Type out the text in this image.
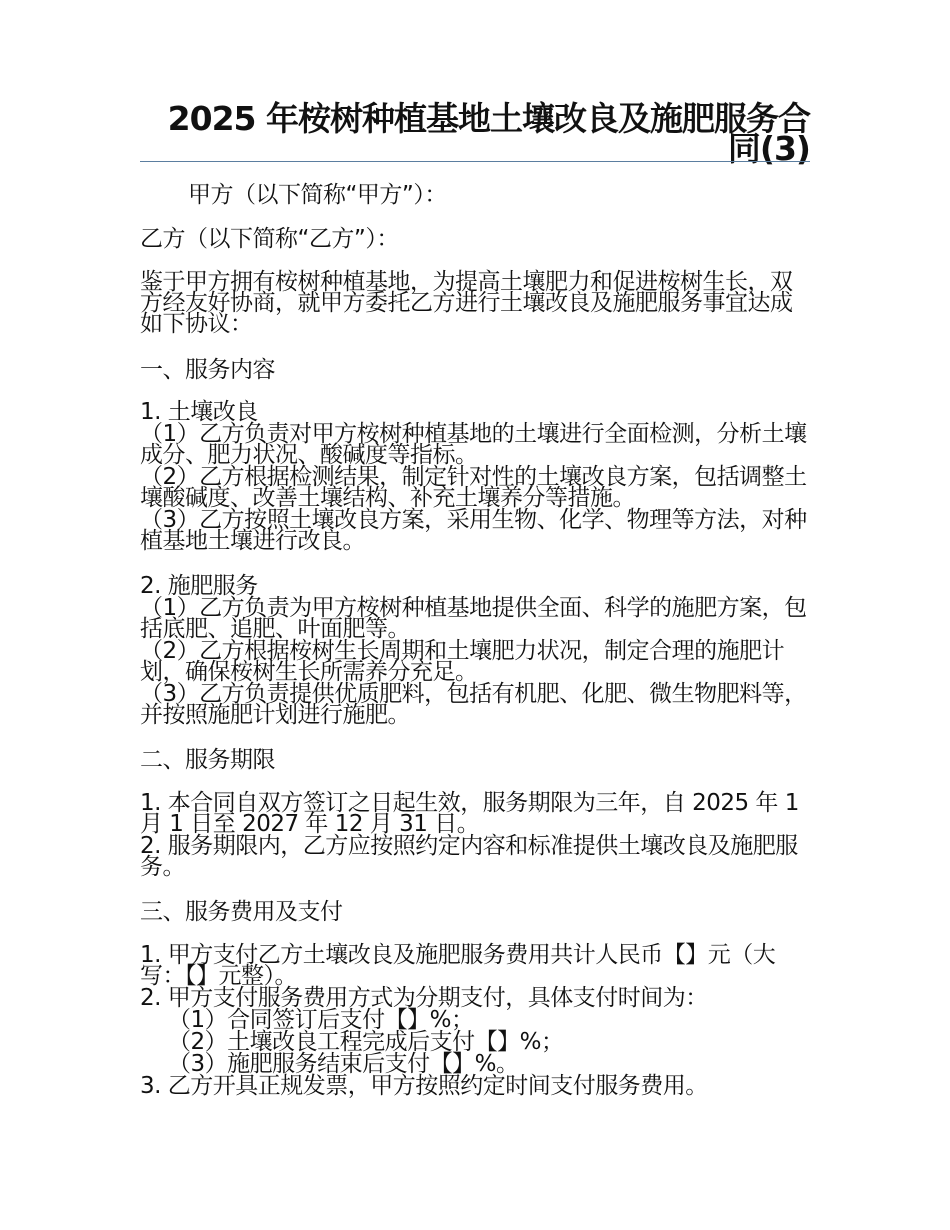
2025 年桉树种植基地土壤改良及施肥服务合同(3)

甲方（以下简称“甲方”）：

乙方（以下简称“乙方”）：

鉴于甲方拥有桉树种植基地，为提高土壤肥力和促进桉树生长，双方经友好协商，就甲方委托乙方进行土壤改良及施肥服务事宜达成如下协议：

一、服务内容

1. 土壤改良

（1）乙方负责对甲方桉树种植基地的土壤进行全面检测，分析土壤成分、肥力状况、酸碱度等指标。

（2）乙方根据检测结果，制定针对性的土壤改良方案，包括调整土壤酸碱度、改善土壤结构、补充土壤养分等措施。

（3）乙方按照土壤改良方案，采用生物、化学、物理等方法，对种植基地土壤进行改良。

2. 施肥服务

（1）乙方负责为甲方桉树种植基地提供全面、科学的施肥方案，包括底肥、追肥、叶面肥等。

（2）乙方根据桉树生长周期和土壤肥力状况，制定合理的施肥计划，确保桉树生长所需养分充足。

（3）乙方负责提供优质肥料，包括有机肥、化肥、微生物肥料等，并按照施肥计划进行施肥。

二、服务期限

1. 本合同自双方签订之日起生效，服务期限为三年，自 2025 年 1 月 1 日至 2027 年 12 月 31 日。

2. 服务期限内，乙方应按照约定内容和标准提供土壤改良及施肥服务。

三、服务费用及支付

1. 甲方支付乙方土壤改良及施肥服务费用共计人民币【】元（大写：【】元整）。

2. 甲方支付服务费用方式为分期支付，具体支付时间为：

（1）合同签订后支付【】%；

（2）土壤改良工程完成后支付【】%；

（3）施肥服务结束后支付【】%。

3. 乙方开具正规发票，甲方按照约定时间支付服务费用。
